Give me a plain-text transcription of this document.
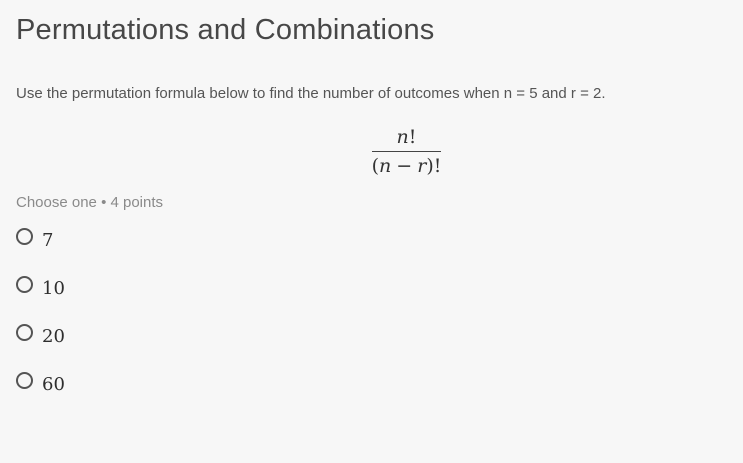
Permutations and Combinations
Use the permutation formula below to find the number of outcomes when n = 5 and r = 2.
$\frac{n!}{(n - r)!}$
Choose one • 4 points
7
10
20
60
